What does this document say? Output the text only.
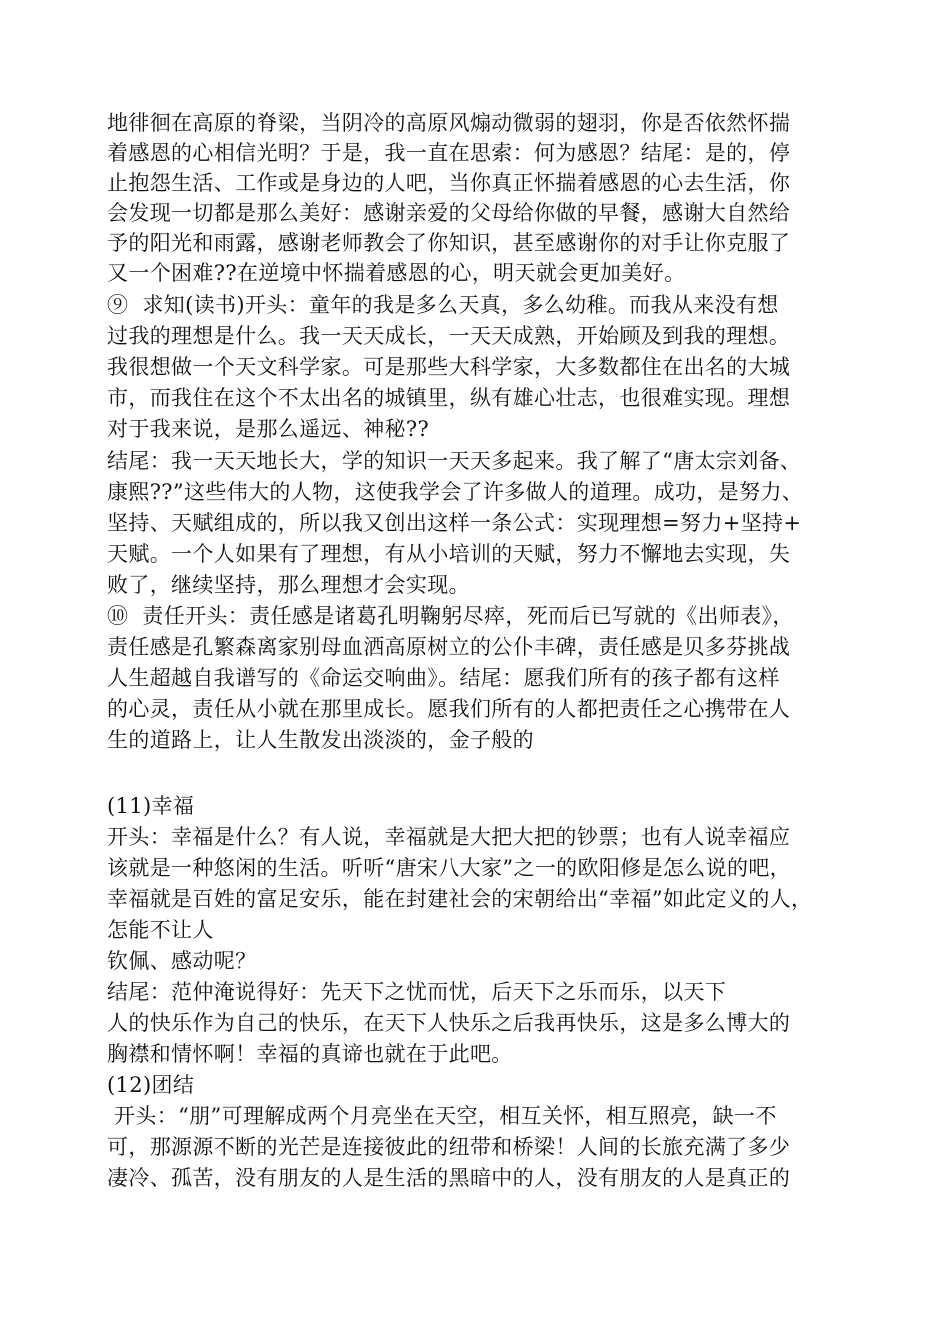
地徘徊在高原的脊梁，当阴冷的高原风煽动微弱的翅羽，你是否依然怀揣
着感恩的心相信光明？于是，我一直在思索：何为感恩？结尾：是的，停
止抱怨生活、工作或是身边的人吧，当你真正怀揣着感恩的心去生活，你
会发现一切都是那么美好：感谢亲爱的父母给你做的早餐，感谢大自然给
予的阳光和雨露，感谢老师教会了你知识，甚至感谢你的对手让你克服了
又一个困难??在逆境中怀揣着感恩的心，明天就会更加美好。
⑨  求知(读书)开头：童年的我是多么天真，多么幼稚。而我从来没有想
过我的理想是什么。我一天天成长，一天天成熟，开始顾及到我的理想。
我很想做一个天文科学家。可是那些大科学家，大多数都住在出名的大城
市，而我住在这个不太出名的城镇里，纵有雄心壮志，也很难实现。理想
对于我来说，是那么遥远、神秘??
结尾：我一天天地长大，学的知识一天天多起来。我了解了“唐太宗刘备、
康熙??”这些伟大的人物，这使我学会了许多做人的道理。成功，是努力、
坚持、天赋组成的，所以我又创出这样一条公式：实现理想=努力+坚持+
天赋。一个人如果有了理想，有从小培训的天赋，努力不懈地去实现，失
败了，继续坚持，那么理想才会实现。
⑩  责任开头：责任感是诸葛孔明鞠躬尽瘁，死而后已写就的《出师表》，
责任感是孔繁森离家别母血洒高原树立的公仆丰碑，责任感是贝多芬挑战
人生超越自我谱写的《命运交响曲》。结尾：愿我们所有的孩子都有这样
的心灵，责任从小就在那里成长。愿我们所有的人都把责任之心携带在人
生的道路上，让人生散发出淡淡的，金子般的
(11)幸福
开头：幸福是什么？有人说，幸福就是大把大把的钞票；也有人说幸福应
该就是一种悠闲的生活。听听“唐宋八大家”之一的欧阳修是怎么说的吧，
幸福就是百姓的富足安乐，能在封建社会的宋朝给出“幸福”如此定义的人，
怎能不让人
钦佩、感动呢？
结尾：范仲淹说得好：先天下之忧而忧，后天下之乐而乐，以天下
人的快乐作为自己的快乐，在天下人快乐之后我再快乐，这是多么博大的
胸襟和情怀啊！幸福的真谛也就在于此吧。
(12)团结
开头：“朋”可理解成两个月亮坐在天空，相互关怀，相互照亮，缺一不
可，那源源不断的光芒是连接彼此的纽带和桥梁！人间的长旅充满了多少
凄冷、孤苦，没有朋友的人是生活的黑暗中的人，没有朋友的人是真正的
